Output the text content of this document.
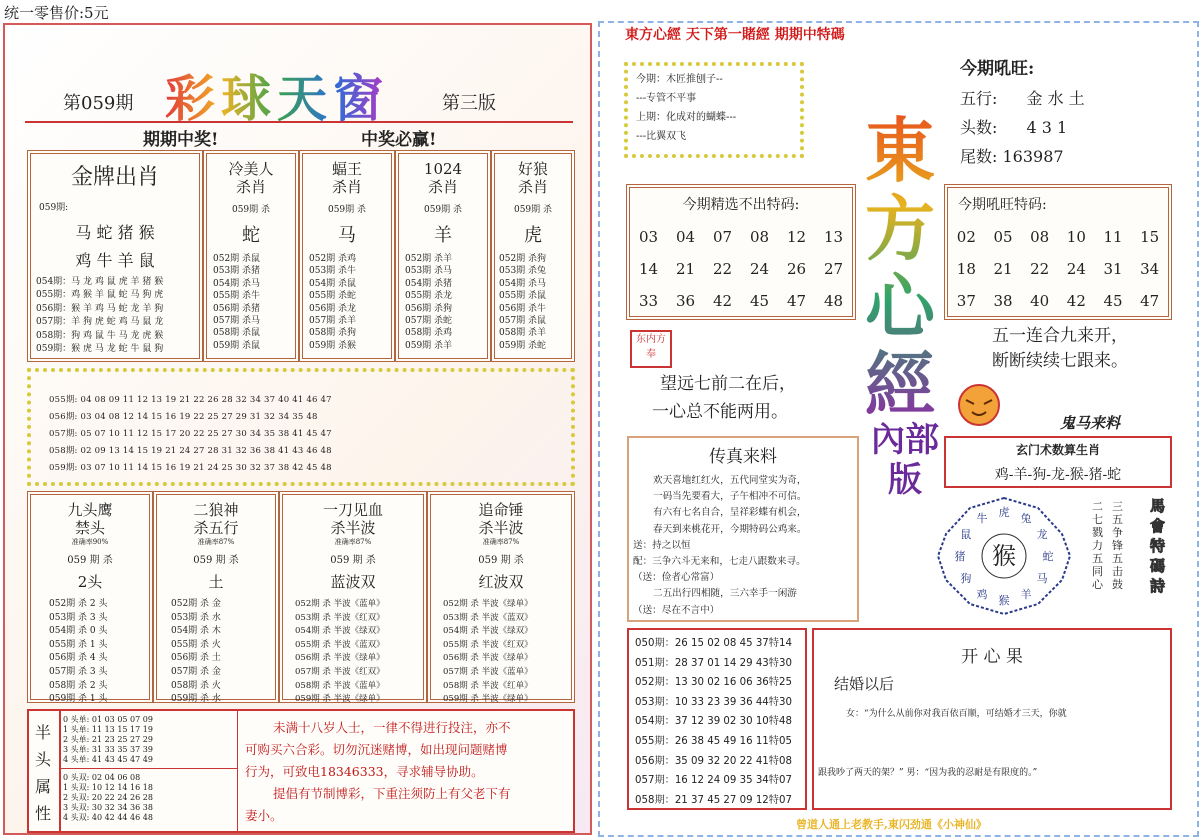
统一零售价:5元
第059期 彩球天窗	第三版
期期中奖!	中奖必赢!
金牌出肖
059期:
马 蛇 猪 猴
鸡 牛 羊 鼠
054期：马 龙 鸡 鼠 虎 羊 猪 猴
055期：鸡 猴 羊 鼠 蛇 马 狗 虎
056期：猴 羊 鸡 马 蛇 龙 羊 狗
057期：羊 狗 虎 蛇 鸡 马 鼠 龙
058期：狗 鸡 鼠 牛 马 龙 虎 猴
059期：猴 虎 马 龙 蛇 牛 鼠 狗
冷美人
杀肖
059期 杀
蛇
052期 杀鼠
053期 杀猪
054期 杀马
055期 杀牛
056期 杀猪
057期 杀马
058期 杀鼠
059期 杀鼠
蝠王
杀肖
059期 杀
马
052期 杀鸡
053期 杀牛
054期 杀鼠
055期 杀蛇
056期 杀龙
057期 杀羊
058期 杀狗
059期 杀猴
1024
杀肖
059期 杀
羊
052期 杀羊
053期 杀马
054期 杀猪
055期 杀龙
056期 杀狗
057期 杀蛇
058期 杀鸡
059期 杀羊
好狼
杀肖
059期 杀
虎
052期 杀狗
053期 杀兔
054期 杀马
055期 杀鼠
056期 杀牛
057期 杀鼠
058期 杀羊
059期 杀蛇
055期: 04 08 09 11 12 13 19 21 22 26 28 32 34 37 40 41 46 47
056期: 03 04 08 12 14 15 16 19 22 25 27 29 31 32 34 35 48
057期: 05 07 10 11 12 15 17 20 22 25 27 30 34 35 38 41 45 47
058期: 02 09 13 14 15 19 21 24 27 28 31 32 36 38 41 43 46 48
059期: 03 07 10 11 14 15 16 19 21 24 25 30 32 37 38 42 45 48
九头鹰
禁头
准确率90%
059 期 杀
2头
052期 杀 2 头
053期 杀 3 头
054期 杀 0 头
055期 杀 1 头
056期 杀 4 头
057期 杀 3 头
058期 杀 2 头
059期 杀 1 头
二狼神
杀五行
准确率87%
059 期 杀
土
052期 杀 金
053期 杀 水
054期 杀 木
055期 杀 火
056期 杀 土
057期 杀 金
058期 杀 火
059期 杀 水
一刀见血
杀半波
准确率87%
059 期 杀
蓝波双
052期 杀 半波《蓝单》
053期 杀 半波《红双》
054期 杀 半波《绿双》
055期 杀 半波《蓝双》
056期 杀 半波《绿单》
057期 杀 半波《红双》
058期 杀 半波《蓝单》
059期 杀 半波《绿单》
追命锤
杀半波
准确率87%
059 期 杀
红波双
052期 杀 半波《绿单》
053期 杀 半波《蓝双》
054期 杀 半波《绿双》
055期 杀 半波《红双》
056期 杀 半波《绿单》
057期 杀 半波《蓝单》
058期 杀 半波《红单》
059期 杀 半波《绿单》
半
头
属
性
0 头单: 01 03 05 07 09
1 头单: 11 13 15 17 19
2 头单: 21 23 25 27 29
3 头单: 31 33 35 37 39
4 头单: 41 43 45 47 49
0 头双: 02 04 06 08
1 头双: 10 12 14 16 18
2 头双: 20 22 24 26 28
3 头双: 30 32 34 36 38
4 头双: 40 42 44 46 48
未满十八岁人士，一律不得进行投注，亦不
可购买六合彩。切勿沉迷赌博，如出现问题赌博
行为，可致电18346333，寻求辅导协助。
提倡有节制博彩，下重注须防上有父老下有
妻小。
東方心經 天下第一賭經 期期中特碼
今期：木匠推刨子--
---专管不平事
上期：化成对的蝴蝶---
---比翼双飞	東方心經
內部版
今期吼旺:
五行: 金 水 土
头数: 4 3 1
尾数: 163987
今期精选不出特码:
03	04	07	08	12	13
14	21	22	24	26	27
33	36	42	45	47	48
今期吼旺特码:
02	05	08	10	11	15
18	21	22	24	31	34
37	38	40	42	45	47
东内方奉
望远七前二在后，
一心总不能两用。
五一连合九来开，
断断续续七跟来。
鬼马来料
玄门术数算生肖
鸡-羊-狗-龙-猴-猪-蛇
虎 兔
龙
蛇
马
羊
猴
鸡
狗
猪
鼠
牛
猴
二七戮力五同心
三五争锋五击鼓
馬會特碼詩
传真来料
欢天喜地红红火，五代同堂实为奇，
一码当先要看大，子午相冲不可信。
有六有七名自合，呈祥彩蝶有机会，
春天到来桃花开，今期特码公鸡来。
送：持之以恒
配：三争六斗无来和，七走八跟数来寻。
（送：俭者心常富）
二五出行四相随，三六幸手一闲游
（送：尽在不言中）
050期：26 15 02 08 45 37特14
051期：28 37 01 14 29 43特30
052期：13 30 02 16 06 36特25
053期：10 33 23 39 36 44特30
054期：37 12 39 02 30 10特48
055期：26 38 45 49 16 11特05
056期：35 09 32 20 22 41特08
057期：16 12 24 09 35 34特07
058期：21 37 45 27 09 12特07
开 心 果
结婚以后
女：“为什么从前你对我百依百顺，可结婚才三天，你就
跟我吵了两天的架？” 男：“因为我的忍耐是有限度的。”
曾道人通上老教手,東闪劲通《小神仙》
